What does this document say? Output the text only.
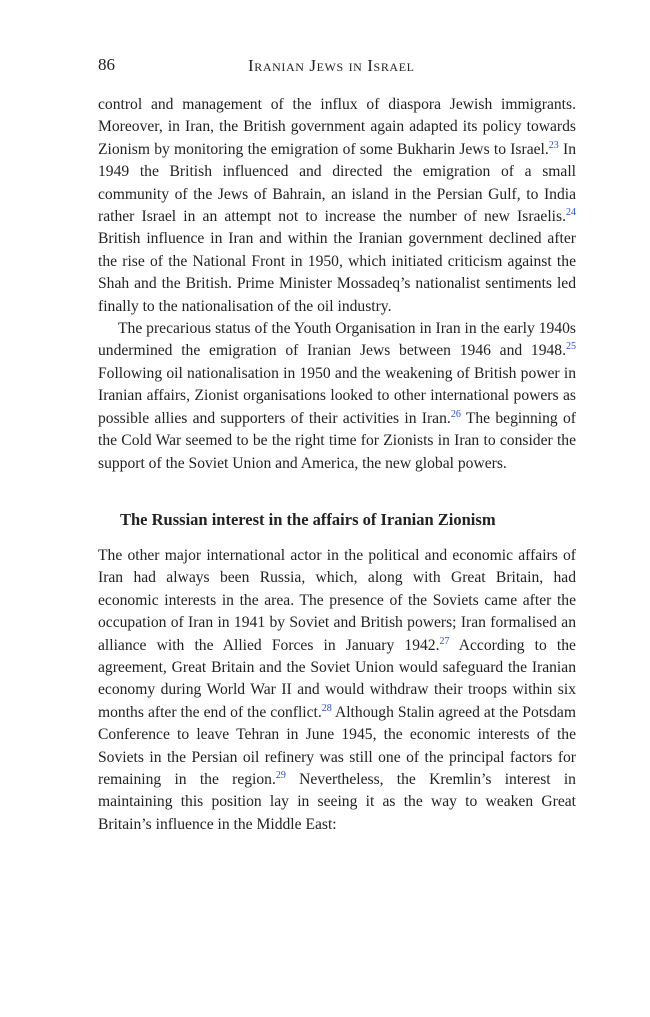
86	Iranian Jews in Israel

control and management of the influx of diaspora Jewish immigrants. Moreover, in Iran, the British government again adapted its policy towards Zionism by monitoring the emigration of some Bukharin Jews to Israel.$^{23}$ In 1949 the British influenced and directed the emigration of a small community of the Jews of Bahrain, an island in the Persian Gulf, to India rather Israel in an attempt not to increase the number of new Israelis.$^{24}$ British influence in Iran and within the Iranian government declined after the rise of the National Front in 1950, which initiated criticism against the Shah and the British. Prime Minister Mossadeq’s nationalist sentiments led finally to the nationalisation of the oil industry.

The precarious status of the Youth Organisation in Iran in the early 1940s undermined the emigration of Iranian Jews between 1946 and 1948.25 Following oil nationalisation in 1950 and the weakening of British power in Iranian affairs, Zionist organisations looked to other international powers as possible allies and supporters of their activities in Iran.$^{26}$ The beginning of the Cold War seemed to be the right time for Zionists in Iran to consider the support of the Soviet Union and America, the new global powers.

The Russian interest in the affairs of Iranian Zionism

The other major international actor in the political and economic affairs of Iran had always been Russia, which, along with Great Britain, had economic interests in the area. The presence of the Soviets came after the occupation of Iran in 1941 by Soviet and British powers; Iran formalised an alliance with the Allied Forces in January 1942.27 According to the agreement, Great Britain and the Soviet Union would safeguard the Iranian economy during World War II and would withdraw their troops within six months after the end of the conflict.$^{28}$ Although Stalin agreed at the Potsdam Conference to leave Tehran in June 1945, the economic interests of the Soviets in the Persian oil refinery was still one of the principal factors for remaining in the region.$^{29}$ Nevertheless, the Kremlin’s interest in maintaining this position lay in seeing it as the way to weaken Great Britain’s influence in the Middle East:
